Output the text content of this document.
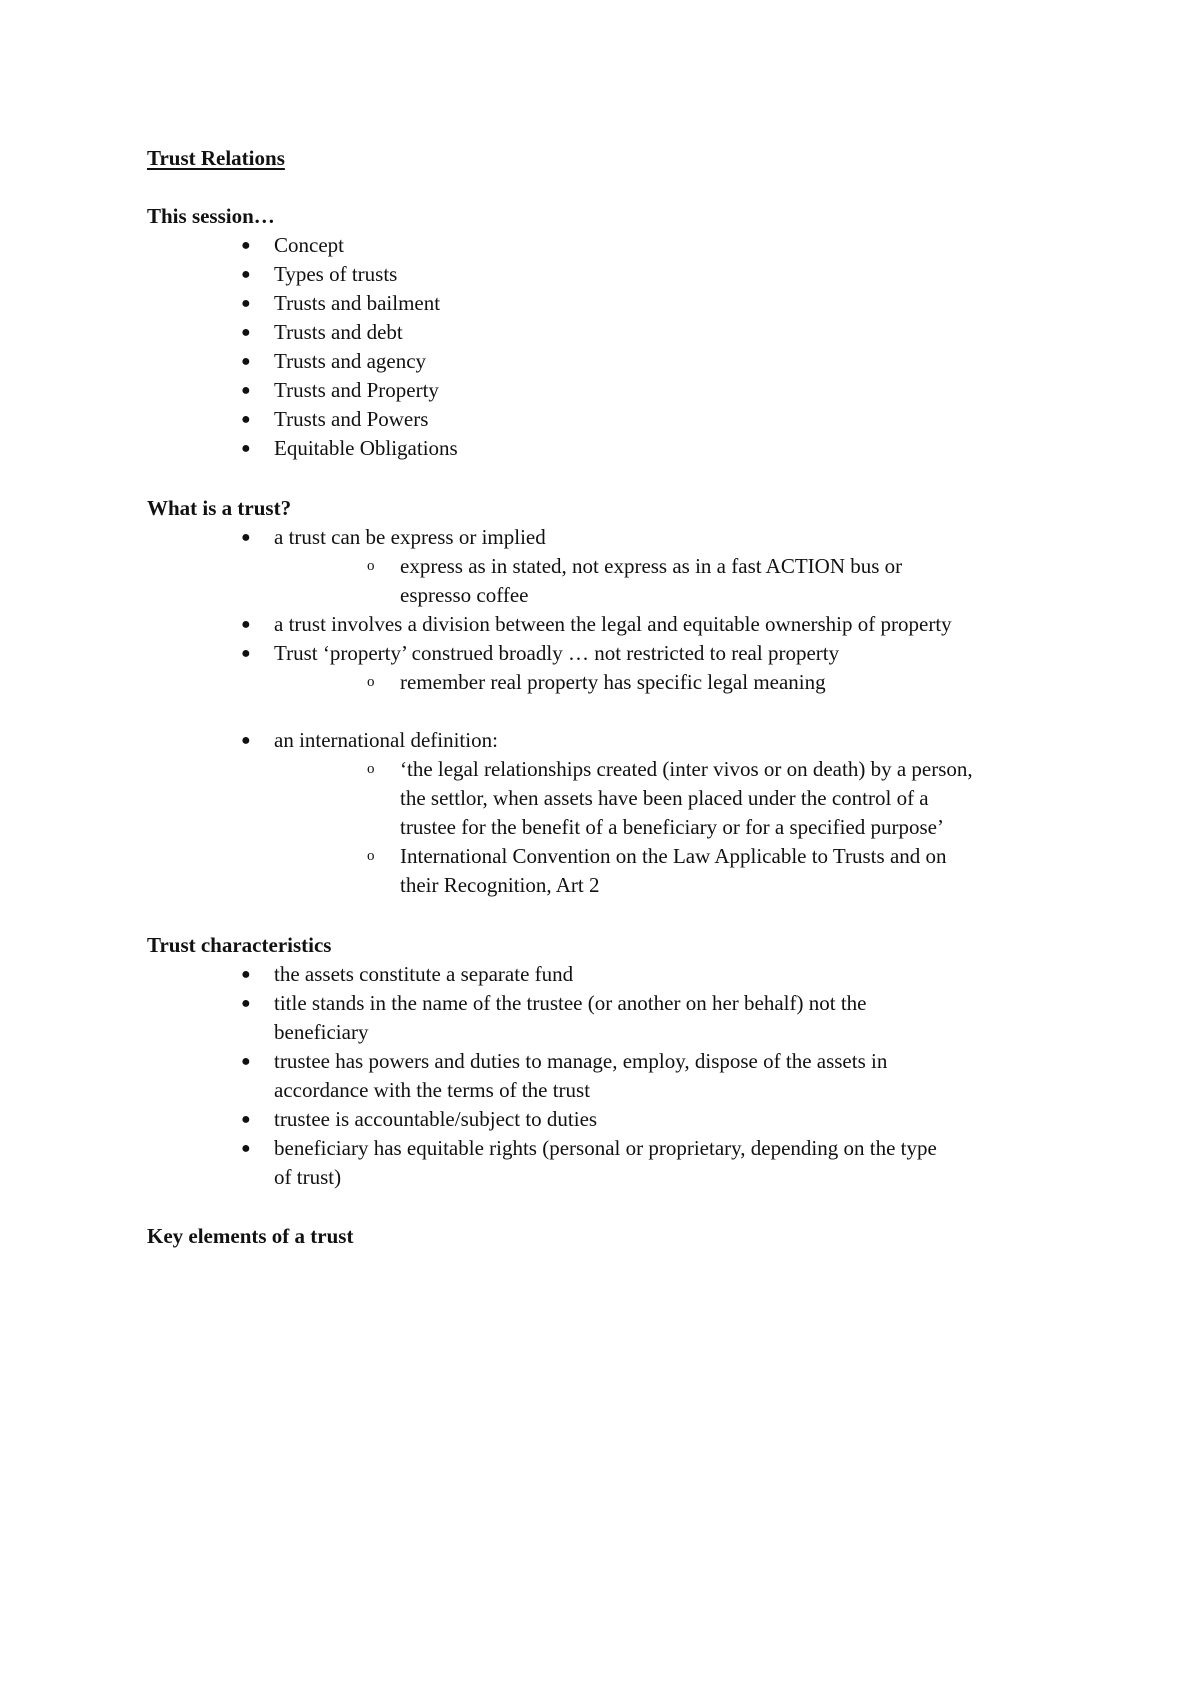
Trust Relations
This session…
● Concept
● Types of trusts
● Trusts and bailment
● Trusts and debt
● Trusts and agency
● Trusts and Property
● Trusts and Powers
● Equitable Obligations
What is a trust?
● a trust can be express or implied
o express as in stated, not express as in a fast ACTION bus or
espresso coffee
● a trust involves a division between the legal and equitable ownership of property
● Trust ‘property’ construed broadly … not restricted to real property
o remember real property has specific legal meaning
● an international definition:
o ‘the legal relationships created (inter vivos or on death) by a person,
the settlor, when assets have been placed under the control of a
trustee for the benefit of a beneficiary or for a specified purpose’
o International Convention on the Law Applicable to Trusts and on
their Recognition, Art 2
Trust characteristics
● the assets constitute a separate fund
● title stands in the name of the trustee (or another on her behalf) not the
beneficiary
● trustee has powers and duties to manage, employ, dispose of the assets in
accordance with the terms of the trust
● trustee is accountable/subject to duties
● beneficiary has equitable rights (personal or proprietary, depending on the type
of trust)
Key elements of a trust
